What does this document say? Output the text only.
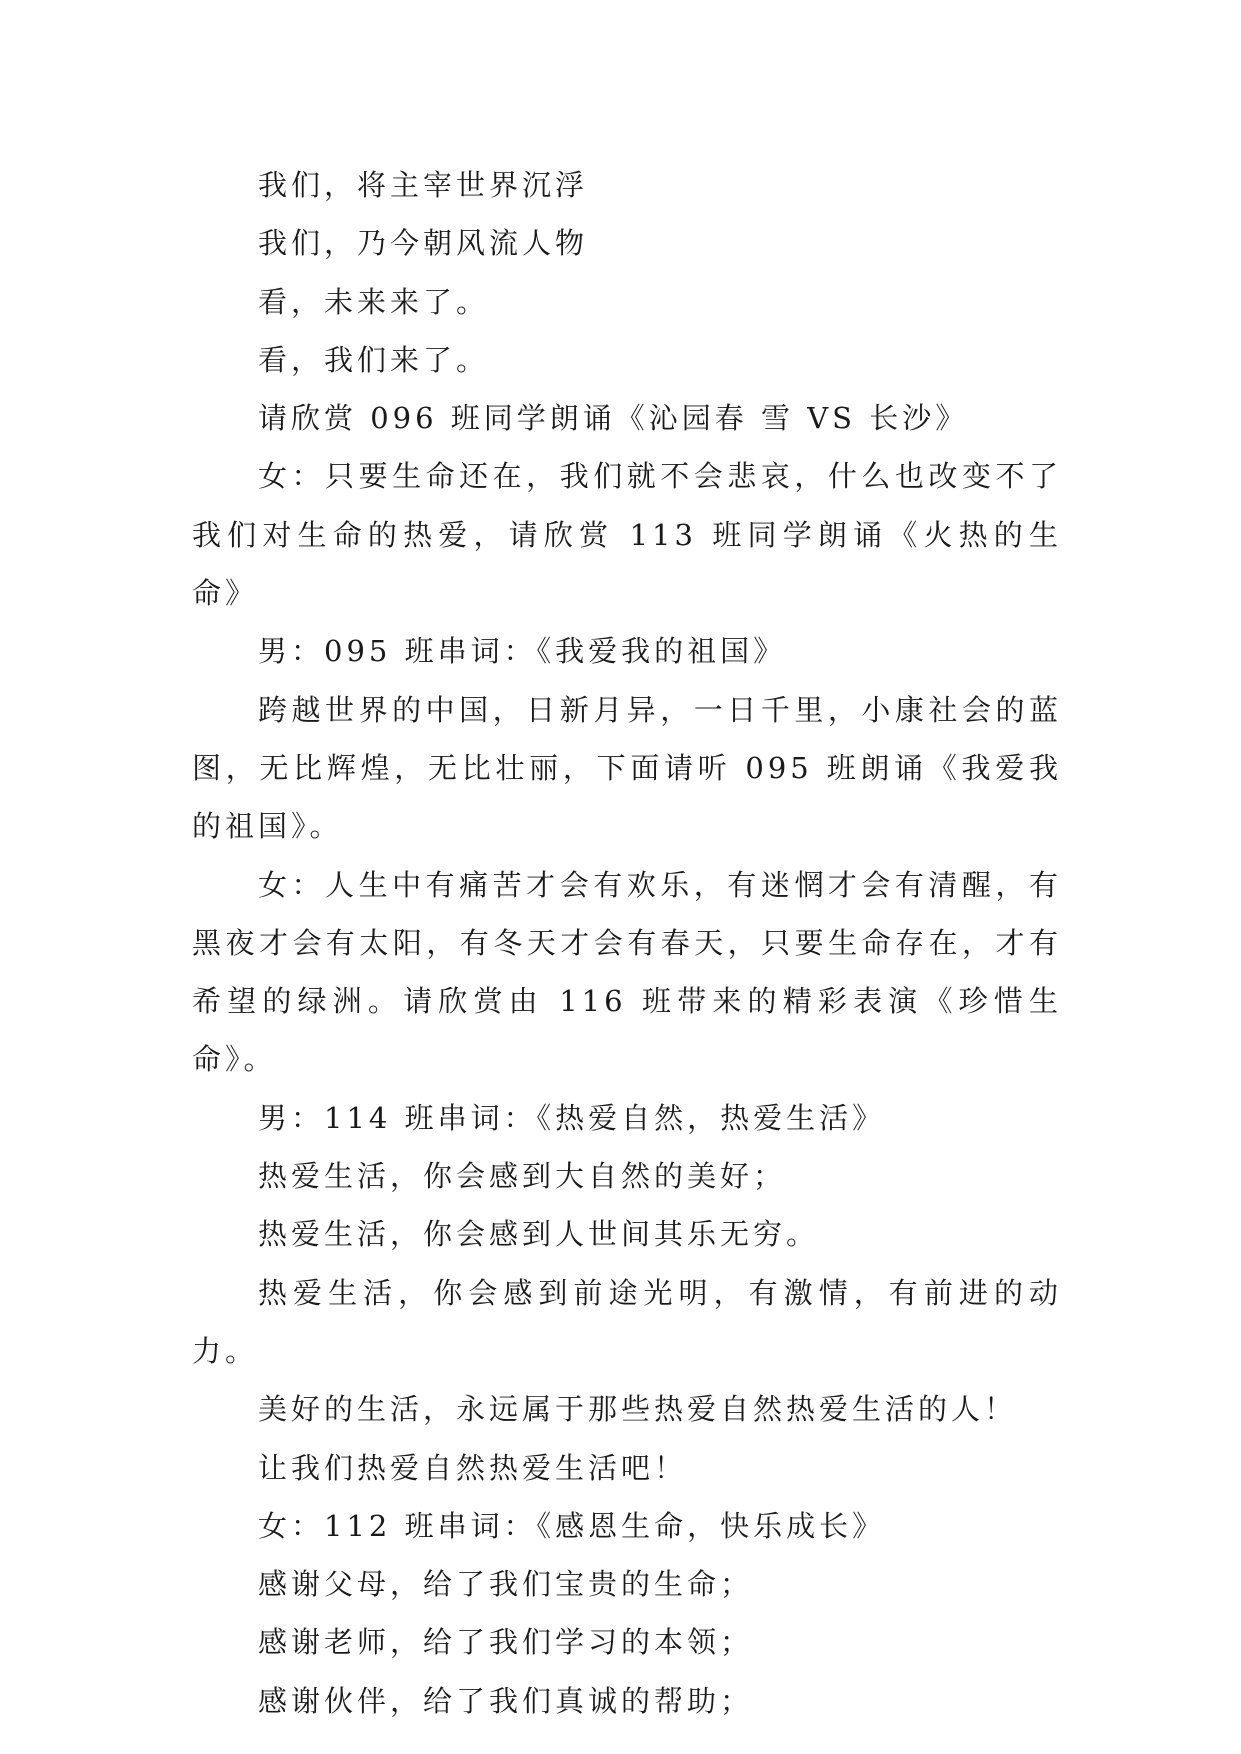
我们，将主宰世界沉浮

我们，乃今朝风流人物

看，未来来了。

看，我们来了。

请欣赏 096 班同学朗诵《沁园春 雪 VS 长沙》

女：只要生命还在，我们就不会悲哀，什么也改变不了我们对生命的热爱，请欣赏 113 班同学朗诵《火热的生命》

男：095 班串词：《我爱我的祖国》

跨越世界的中国，日新月异，一日千里，小康社会的蓝图，无比辉煌，无比壮丽，下面请听 095 班朗诵《我爱我的祖国》。

女：人生中有痛苦才会有欢乐，有迷惘才会有清醒，有黑夜才会有太阳，有冬天才会有春天，只要生命存在，才有希望的绿洲。请欣赏由 116 班带来的精彩表演《珍惜生命》。

男：114 班串词：《热爱自然，热爱生活》

热爱生活，你会感到大自然的美好；

热爱生活，你会感到人世间其乐无穷。

热爱生活，你会感到前途光明，有激情，有前进的动力。

美好的生活，永远属于那些热爱自然热爱生活的人！

让我们热爱自然热爱生活吧！

女：112 班串词：《感恩生命，快乐成长》

感谢父母，给了我们宝贵的生命；

感谢老师，给了我们学习的本领；

感谢伙伴，给了我们真诚的帮助；
